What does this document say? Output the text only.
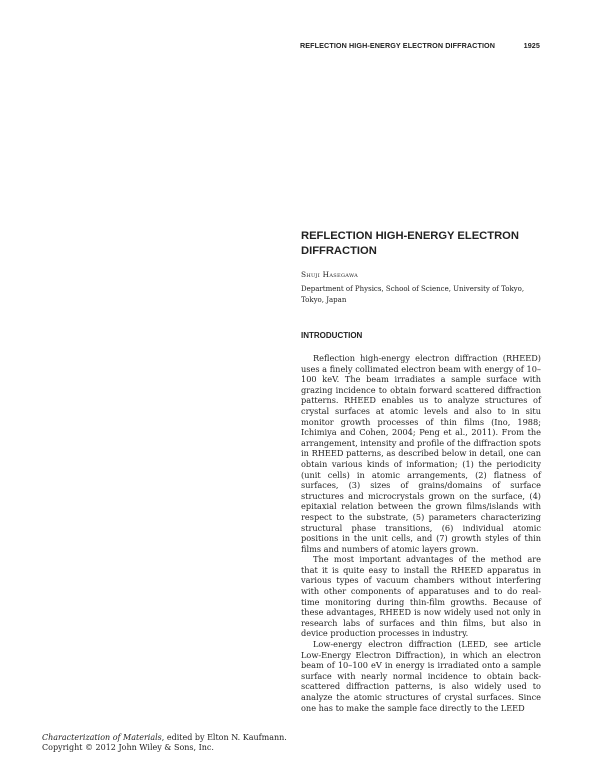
REFLECTION HIGH-ENERGY ELECTRON DIFFRACTION	1925
REFLECTION HIGH-ENERGY ELECTRON DIFFRACTION
Shuji Hasegawa
Department of Physics, School of Science, University of Tokyo, Tokyo, Japan
INTRODUCTION

Reflection high-energy electron diffraction (RHEED) uses a finely collimated electron beam with energy of 10–100 keV. The beam irradiates a sample surface with grazing incidence to obtain forward scattered diffraction patterns. RHEED enables us to analyze structures of crystal surfaces at atomic levels and also to in situ monitor growth processes of thin films (Ino, 1988; Ichimiya and Cohen, 2004; Peng et al., 2011). From the arrangement, intensity and profile of the diffraction spots in RHEED patterns, as described below in detail, one can obtain various kinds of information; (1) the periodicity (unit cells) in atomic arrangements, (2) flatness of surfaces, (3) sizes of grains/domains of surface structures and microcrystals grown on the surface, (4) epitaxial relation between the grown films/islands with respect to the substrate, (5) parameters characterizing structural phase transitions, (6) individual atomic positions in the unit cells, and (7) growth styles of thin films and numbers of atomic layers grown.

The most important advantages of the method are that it is quite easy to install the RHEED apparatus in various types of vacuum chambers without interfering with other components of apparatuses and to do real-time monitoring during thin-film growths. Because of these advantages, RHEED is now widely used not only in research labs of surfaces and thin films, but also in device production processes in industry.

Low-energy electron diffraction (LEED, see article Low-Energy Electron Diffraction), in which an electron beam of 10–100 eV in energy is irradiated onto a sample surface with nearly normal incidence to obtain back-scattered diffraction patterns, is also widely used to analyze the atomic structures of crystal surfaces. Since one has to make the sample face directly to the LEED

Characterization of Materials, edited by Elton N. Kaufmann.
Copyright © 2012 John Wiley & Sons, Inc.
